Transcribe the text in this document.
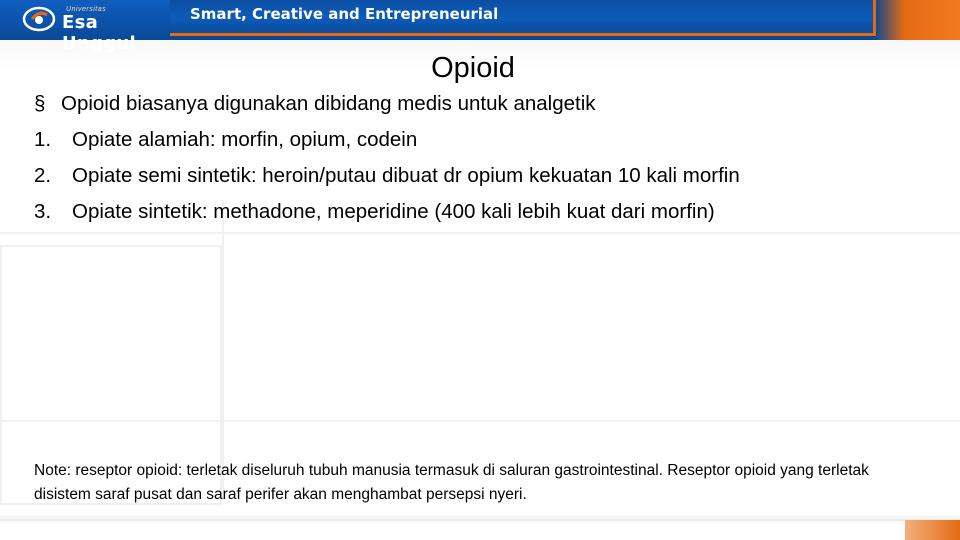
Universitas
Esa Unggul
Smart, Creative and Entrepreneurial
Opioid
§ Opioid biasanya digunakan dibidang medis untuk analgetik
1.	Opiate alamiah: morfin, opium, codein
2.	Opiate semi sintetik: heroin/putau dibuat dr opium kekuatan 10 kali morfin
3.	Opiate sintetik: methadone, meperidine (400 kali lebih kuat dari morfin)
Note: reseptor opioid: terletak diseluruh tubuh manusia termasuk di saluran gastrointestinal. Reseptor opioid yang terletak disistem saraf pusat dan saraf perifer akan menghambat persepsi nyeri.
